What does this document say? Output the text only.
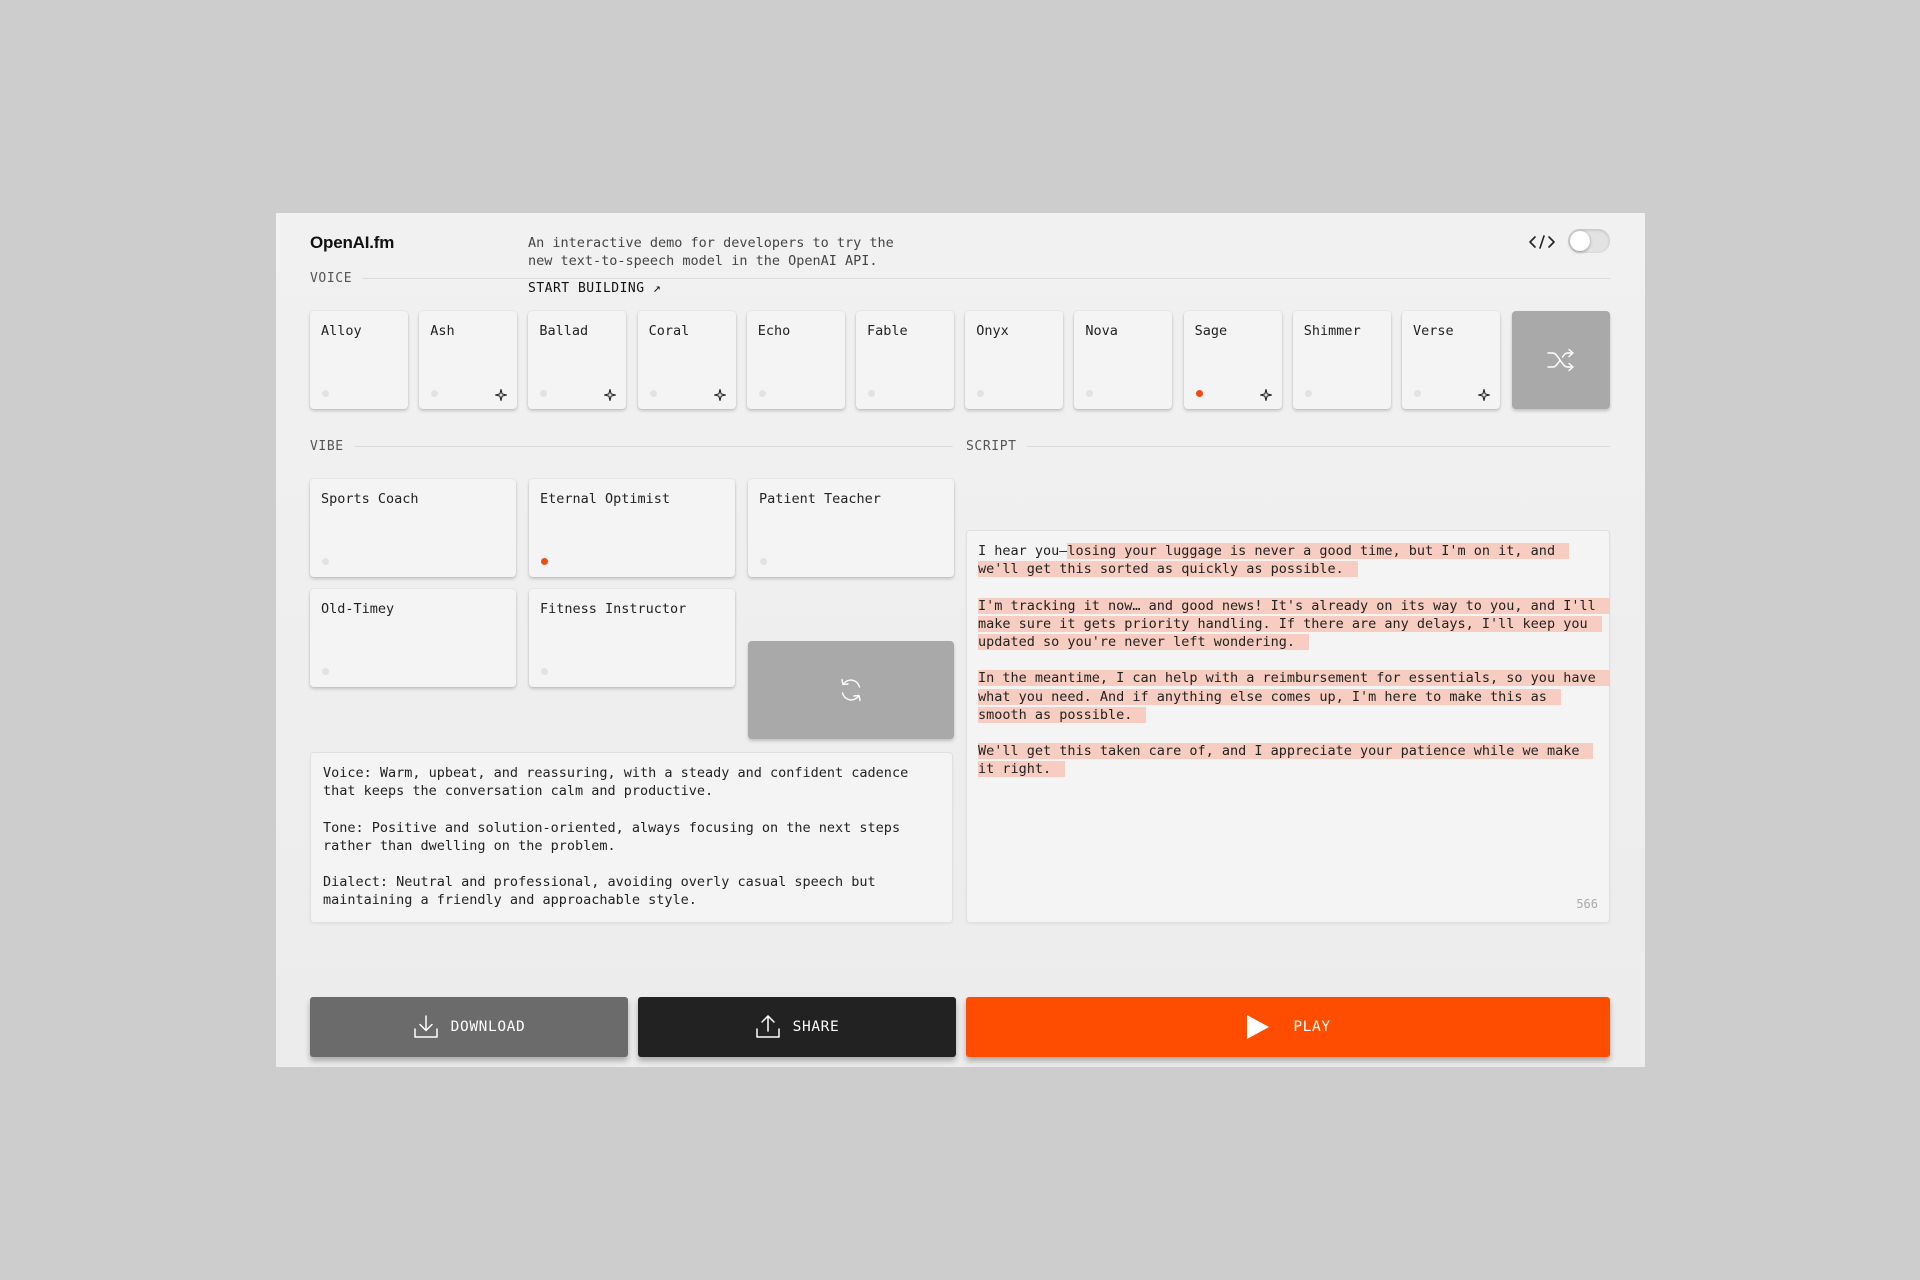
OpenAI.fm	An interactive demo for developers to try the
new text-to-speech model in the OpenAI API.
START BUILDING ↗
VOICE
VIBE
Voice: Warm, upbeat, and reassuring, with a steady and confident cadence that keeps the conversation calm and productive.

Tone: Positive and solution-oriented, always focusing on the next steps rather than dwelling on the problem.

Dialect: Neutral and professional, avoiding overly casual speech but maintaining a friendly and approachable style.
SCRIPT

I hear you—losing your luggage is never a good time, but I'm on it, and we'll get this sorted as quickly as possible.

I'm tracking it now… and good news! It's already on its way to you, and I'll make sure it gets priority handling. If there are any delays, I'll keep you updated so you're never left wondering.

In the meantime, I can help with a reimbursement for essentials, so you have what you need. And if anything else comes up, I'm here to make this as smooth as possible.

We'll get this taken care of, and I appreciate your patience while we make it right.

566
DOWNLOAD	SHARE	PLAY
Alloy	Ash	Ballad	Coral	Echo	Fable	Onyx	Nova	Sage	Shimmer	Verse
Sports Coach	Eternal Optimist	Patient Teacher
Old-Timey	Fitness Instructor
